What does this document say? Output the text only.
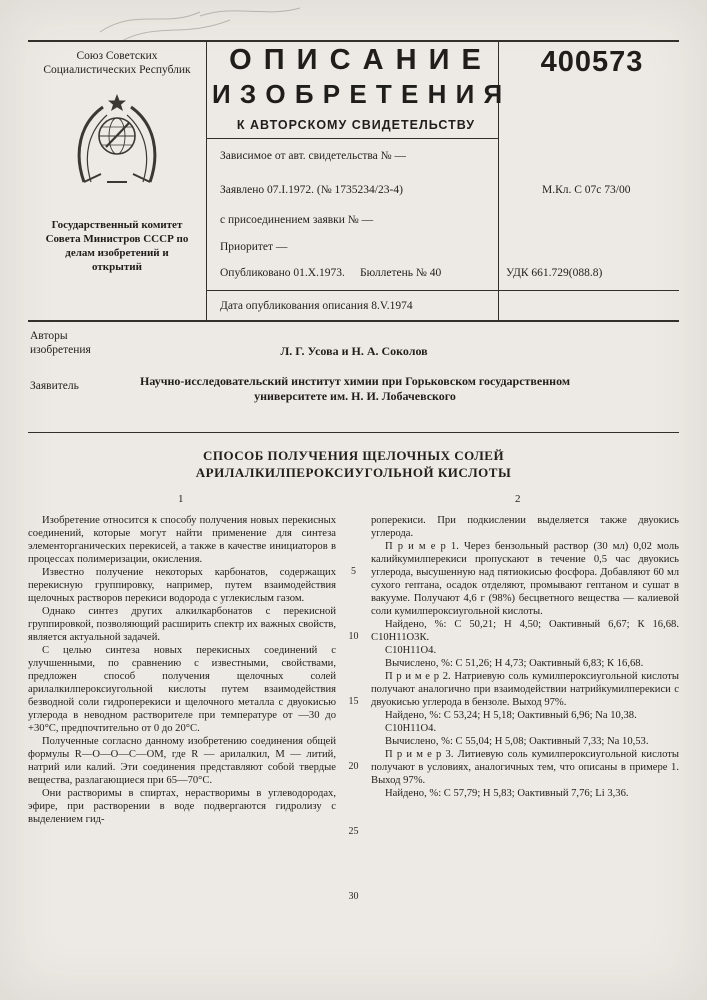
Союз Советских Социалистических Республик
Государственный комитет Совета Министров СССР по делам изобретений и открытий
О П И С А Н И Е
И З О Б Р Е Т Е Н И Я
К АВТОРСКОМУ СВИДЕТЕЛЬСТВУ
Зависимое от авт. свидетельства № —
Заявлено 07.I.1972. (№ 1735234/23-4)
с присоединением заявки № —
Приоритет —
Опубликовано 01.X.1973. Бюллетень № 40
Дата опубликования описания 8.V.1974
400573
М.Кл. С 07с 73/00
УДК 661.729(088.8)
Авторы изобретения	Л. Г. Усова и Н. А. Соколов
Заявитель	Научно-исследовательский институт химии при Горьковском государственном университете им. Н. И. Лобачевского
СПОСОБ ПОЛУЧЕНИЯ ЩЕЛОЧНЫХ СОЛЕЙ
АРИЛАЛКИЛПЕРОКСИУГОЛЬНОЙ КИСЛОТЫ
1	2

Изобретение относится к способу получения новых перекисных соединений, которые могут найти применение для синтеза элементорганических перекисей, а также в качестве инициаторов в процессах полимеризации, окисления.

Известно получение некоторых карбонатов, содержащих перекисную группировку, например, путем взаимодействия щелочных растворов перекиси водорода с углекислым газом.

Однако синтез других алкилкарбонатов с перекисной группировкой, позволяющий расширить спектр их важных свойств, является актуальной задачей.

С целью синтеза новых перекисных соединений с улучшенными, по сравнению с известными, свойствами, предложен способ получения щелочных солей арилалкилпероксиугольной кислоты путем взаимодействия безводной соли гидроперекиси и щелочного металла с двуокисью углерода в неводном растворителе при температуре от —30 до +30°С, предпочтительно от 0 до 20°С.

Полученные согласно данному изобретению соединения общей формулы R—О—О—С—ОМ, где R — арилалкил, М — литий, натрий или калий. Эти соединения представляют собой твердые вещества, разлагающиеся при 65—70°С.

Они растворимы в спиртах, нерастворимы в углеводородах, эфире, при растворении в воде подвергаются гидролизу с выделением гид-

5
10
15
20
25
30

роперекиси. При подкислении выделяется также двуокись углерода.

П р и м е р 1. Через бензольный раствор (30 мл) 0,02 моль калийкумилперекиси пропускают в течение 0,5 час двуокись углерода, высушенную над пятиокисью фосфора. Добавляют 60 мл сухого гептана, осадок отделяют, промывают гептаном и сушат в вакууме. Получают 4,6 г (98%) бесцветного вещества — калиевой соли кумилпероксиугольной кислоты.

Найдено, %: С 50,21; Н 4,50; Оактивный 6,67; К 16,68. С10Н11О3К.

С10Н11О4.

Вычислено, %: С 51,26; Н 4,73; Оактивный 6,83; К 16,68.

П р и м е р 2. Натриевую соль кумилпероксиугольной кислоты получают аналогично при взаимодействии натрийкумилперекиси с двуокисью углерода в бензоле. Выход 97%.

Найдено, %: С 53,24; Н 5,18; Оактивный 6,96; Na 10,38.

С10Н11О4.

Вычислено, %: С 55,04; Н 5,08; Оактивный 7,33; Na 10,53.

П р и м е р 3. Литиевую соль кумилпероксиугольной кислоты получают в условиях, аналогичных тем, что описаны в примере 1. Выход 97%.

Найдено, %: С 57,79; Н 5,83; Оактивный 7,76; Li 3,36.
